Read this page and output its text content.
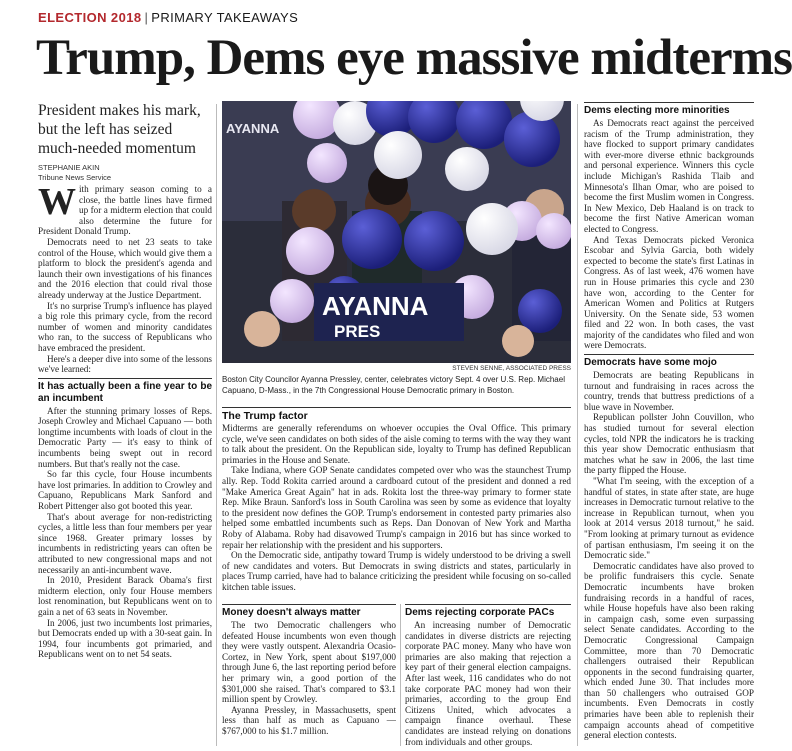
ELECTION 2018 | PRIMARY TAKEAWAYS
Trump, Dems eye massive midterms
President makes his mark,
but the left has seized
much-needed momentum
STEPHANIE AKIN
Tribune News Service

With primary season coming to a close, the battle lines have firmed up for a midterm election that could also determine the future for President Donald Trump.

Democrats need to net 23 seats to take control of the House, which would give them a platform to block the president's agenda and launch their own investigations of his finances and the 2016 election that could rival those already underway at the Justice Department.

It's no surprise Trump's influence has played a big role this primary cycle, from the record number of women and minority candidates who ran, to the success of Republicans who have embraced the president.

Here's a deeper dive into some of the lessons we've learned:

It has actually been a fine year to be an incumbent

After the stunning primary losses of Reps. Joseph Crowley and Michael Capuano — both longtime incumbents with loads of clout in the Democratic Party — it's easy to think of incumbents being swept out in record numbers. But that's really not the case.

So far this cycle, four House incumbents have lost primaries. In addition to Crowley and Capuano, Republicans Mark Sanford and Robert Pittenger also got booted this year.

That's about average for non-redistricting cycles, a little less than four members per year since 1968. Greater primary losses by incumbents in redistricting years can often be attributed to new congressional maps and not necessarily an anti-incumbent wave.

In 2010, President Barack Obama's first midterm election, only four House members lost renomination, but Republicans went on to gain a net of 63 seats in November.

In 2006, just two incumbents lost primaries, but Democrats ended up with a 30-seat gain. In 1994, four incumbents got primaried, and Republicans went on to net 54 seats.

AYANNA
AYANNA
PRES
STEVEN SENNE, ASSOCIATED PRESS
Boston City Councilor Ayanna Pressley, center, celebrates victory Sept. 4 over U.S. Rep. Michael Capuano, D-Mass., in the 7th Congressional House Democratic primary in Boston.
The Trump factor

Midterms are generally referendums on whoever occupies the Oval Office. This primary cycle, we've seen candidates on both sides of the aisle coming to terms with the way they want to talk about the president. On the Republican side, loyalty to Trump has defined Republican primaries in the House and Senate.

Take Indiana, where GOP Senate candidates competed over who was the staunchest Trump ally. Rep. Todd Rokita carried around a cardboard cutout of the president and donned a red "Make America Great Again" hat in ads. Rokita lost the three-way primary to former state Rep. Mike Braun. Sanford's loss in South Carolina was seen by some as evidence that loyalty to the president now defines the GOP. Trump's endorsement in contested party primaries also helped some embattled incumbents such as Reps. Dan Donovan of New York and Martha Roby of Alabama. Roby had disavowed Trump's campaign in 2016 but has since worked to repair her relationship with the president and his supporters.

On the Democratic side, antipathy toward Trump is widely understood to be driving a swell of new candidates and voters. But Democrats in swing districts and states, particularly in places Trump carried, have had to balance criticizing the president while focusing on so-called kitchen table issues.

Money doesn't always matter

The two Democratic challengers who defeated House incumbents won even though they were vastly outspent. Alexandria Ocasio-Cortez, in New York, spent about $197,000 through June 6, the last reporting period before her primary win, a good portion of the $301,000 she raised. That's compared to $3.1 million spent by Crowley.

Ayanna Pressley, in Massachusetts, spent less than half as much as Capuano — $767,000 to his $1.7 million.

Dems rejecting corporate PACs

An increasing number of Democratic candidates in diverse districts are rejecting corporate PAC money. Many who have won primaries are also making that rejection a key part of their general election campaigns. After last week, 116 candidates who do not take corporate PAC money had won their primaries, according to the group End Citizens United, which advocates a campaign finance overhaul. These candidates are instead relying on donations from individuals and other groups.

Dems electing more minorities

As Democrats react against the perceived racism of the Trump administration, they have flocked to support primary candidates with ever-more diverse ethnic backgrounds and personal experience. Winners this cycle include Michigan's Rashida Tlaib and Minnesota's Ilhan Omar, who are poised to become the first Muslim women in Congress. In New Mexico, Deb Haaland is on track to become the first Native American woman elected to Congress.

And Texas Democrats picked Veronica Escobar and Sylvia Garcia, both widely expected to become the state's first Latinas in Congress. As of last week, 476 women have run in House primaries this cycle and 230 have won, according to the Center for American Women and Politics at Rutgers University. On the Senate side, 53 women filed and 22 won. In both cases, the vast majority of the candidates who filed and won were Democrats.

Democrats have some mojo

Democrats are beating Republicans in turnout and fundraising in races across the country, trends that buttress predictions of a blue wave in November.

Republican pollster John Couvillon, who has studied turnout for several election cycles, told NPR the indicators he is tracking this year show Democratic enthusiasm that matches what he saw in 2006, the last time the party flipped the House.

"What I'm seeing, with the exception of a handful of states, in state after state, are huge increases in Democratic turnout relative to the increase in Republican turnout, when you look at 2014 versus 2018 turnout," he said. "From looking at primary turnout as evidence of partisan enthusiasm, I'm seeing it on the Democratic side."

Democratic candidates have also proved to be prolific fundraisers this cycle. Senate Democratic incumbents have broken fundraising records in a handful of races, while House hopefuls have also been raking in campaign cash, some even surpassing select Senate candidates. According to the Democratic Congressional Campaign Committee, more than 70 Democratic challengers outraised their Republican opponents in the second fundraising quarter, which ended June 30. That includes more than 50 challengers who outraised GOP incumbents. Even Democrats in costly primaries have been able to replenish their campaign accounts ahead of competitive general election contests.
